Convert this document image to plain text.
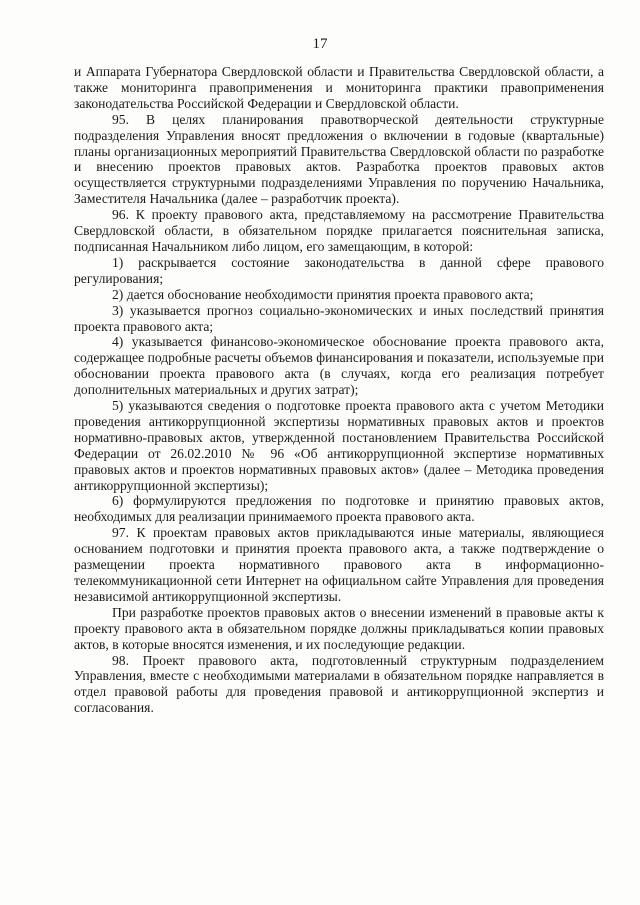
17

и Аппарата Губернатора Свердловской области и Правительства Свердловской области, а также мониторинга правоприменения и мониторинга практики правоприменения законодательства Российской Федерации и Свердловской области.

95. В целях планирования правотворческой деятельности структурные подразделения Управления вносят предложения о включении в годовые (квартальные) планы организационных мероприятий Правительства Свердловской области по разработке и внесению проектов правовых актов. Разработка проектов правовых актов осуществляется структурными подразделениями Управления по поручению Начальника, Заместителя Начальника (далее – разработчик проекта).

96. К проекту правового акта, представляемому на рассмотрение Правительства Свердловской области, в обязательном порядке прилагается пояснительная записка, подписанная Начальником либо лицом, его замещающим, в которой:

1) раскрывается состояние законодательства в данной сфере правового регулирования;

2) дается обоснование необходимости принятия проекта правового акта;

3) указывается прогноз социально-экономических и иных последствий принятия проекта правового акта;

4) указывается финансово-экономическое обоснование проекта правового акта, содержащее подробные расчеты объемов финансирования и показатели, используемые при обосновании проекта правового акта (в случаях, когда его реализация потребует дополнительных материальных и других затрат);

5) указываются сведения о подготовке проекта правового акта с учетом Методики проведения антикоррупционной экспертизы нормативных правовых актов и проектов нормативно-правовых актов, утвержденной постановлением Правительства Российской Федерации от 26.02.2010 № 96 «Об антикоррупционной экспертизе нормативных правовых актов и проектов нормативных правовых актов» (далее – Методика проведения антикоррупционной экспертизы);

6) формулируются предложения по подготовке и принятию правовых актов, необходимых для реализации принимаемого проекта правового акта.

97. К проектам правовых актов прикладываются иные материалы, являющиеся основанием подготовки и принятия проекта правового акта, а также подтверждение о размещении проекта нормативного правового акта в информационно-телекоммуникационной сети Интернет на официальном сайте Управления для проведения независимой антикоррупционной экспертизы.

При разработке проектов правовых актов о внесении изменений в правовые акты к проекту правового акта в обязательном порядке должны прикладываться копии правовых актов, в которые вносятся изменения, и их последующие редакции.

98. Проект правового акта, подготовленный структурным подразделением Управления, вместе с необходимыми материалами в обязательном порядке направляется в отдел правовой работы для проведения правовой и антикоррупционной экспертиз и согласования.
